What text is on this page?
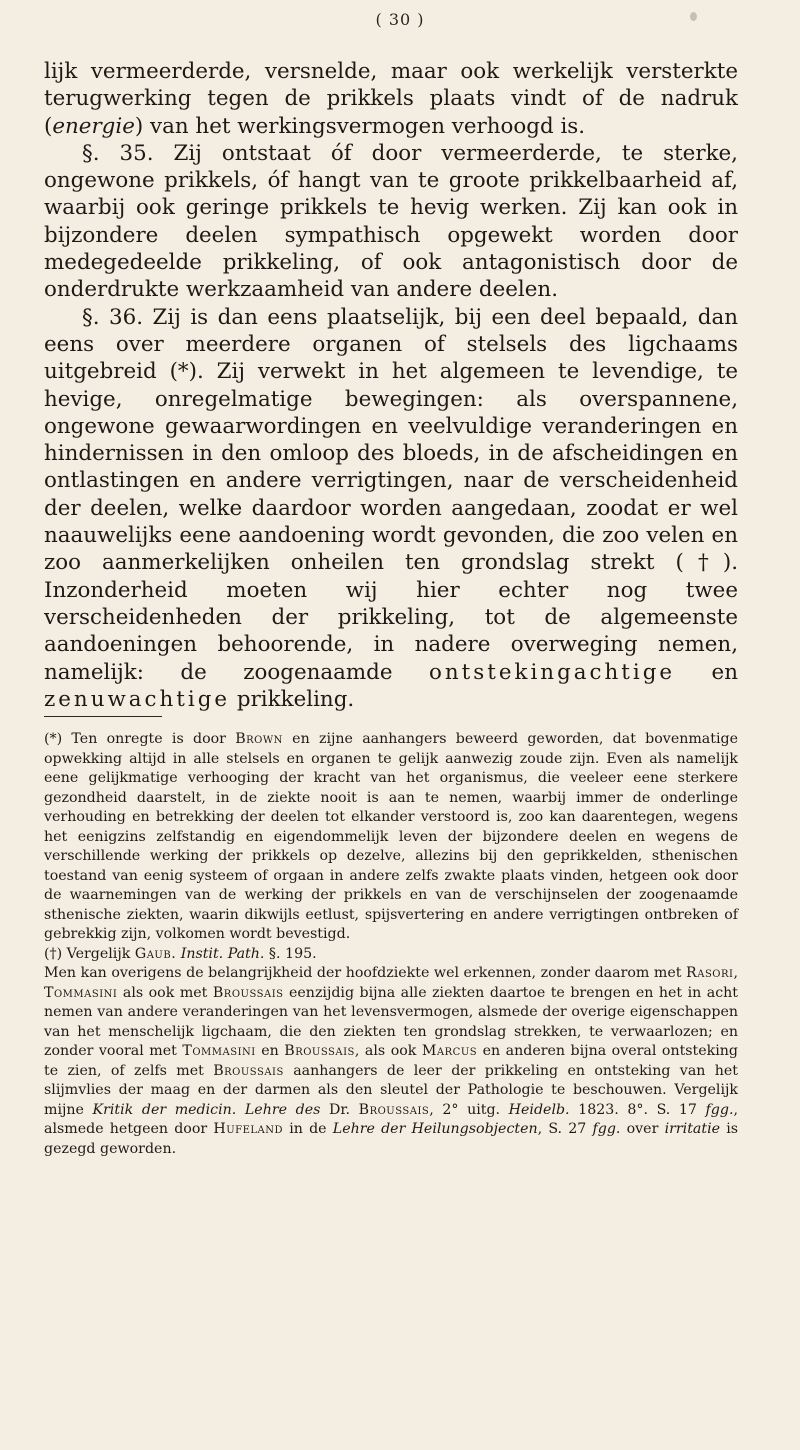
( 30 )

lijk vermeerderde, versnelde, maar ook werkelijk versterkte terugwerking tegen de prikkels plaats vindt of de nadruk (energie) van het werkingsvermogen verhoogd is.

§. 35. Zij ontstaat óf door vermeerderde, te sterke, ongewone prikkels, óf hangt van te groote prikkelbaarheid af, waarbij ook geringe prikkels te hevig werken. Zij kan ook in bijzondere deelen sympathisch opgewekt worden door medegedeelde prikkeling, of ook antagonistisch door de onderdrukte werkzaamheid van andere deelen.

§. 36. Zij is dan eens plaatselijk, bij een deel bepaald, dan eens over meerdere organen of stelsels des ligchaams uitgebreid (*). Zij verwekt in het algemeen te levendige, te hevige, onregelmatige bewegingen: als overspannene, ongewone gewaarwordingen en veelvuldige veranderingen en hindernissen in den omloop des bloeds, in de afscheidingen en ontlastingen en andere verrigtingen, naar de verscheidenheid der deelen, welke daardoor worden aangedaan, zoodat er wel naauwelijks eene aandoening wordt gevonden, die zoo velen en zoo aanmerkelijken onheilen ten grondslag strekt (†). Inzonderheid moeten wij hier echter nog twee verscheidenheden der prikkeling, tot de algemeenste aandoeningen behoorende, in nadere overweging nemen, namelijk: de zoogenaamde ontstekingachtige en zenuwachtige prikkeling.

(*) Ten onregte is door Brown en zijne aanhangers beweerd geworden, dat bovenmatige opwekking altijd in alle stelsels en organen te gelijk aanwezig zoude zijn. Even als namelijk eene gelijkmatige verhooging der kracht van het organismus, die veeleer eene sterkere gezondheid daarstelt, in de ziekte nooit is aan te nemen, waarbij immer de onderlinge verhouding en betrekking der deelen tot elkander verstoord is, zoo kan daarentegen, wegens het eenigzins zelfstandig en eigendommelijk leven der bijzondere deelen en wegens de verschillende werking der prikkels op dezelve, allezins bij den geprikkelden, sthenischen toestand van eenig systeem of orgaan in andere zelfs zwakte plaats vinden, hetgeen ook door de waarnemingen van de werking der prikkels en van de verschijnselen der zoogenaamde sthenische ziekten, waarin dikwijls eetlust, spijsvertering en andere verrigtingen ontbreken of gebrekkig zijn, volkomen wordt bevestigd.

(†) Vergelijk Gaub. Instit. Path. §. 195.

Men kan overigens de belangrijkheid der hoofdziekte wel erkennen, zonder daarom met Rasori, Tommasini als ook met Broussais eenzijdig bijna alle ziekten daartoe te brengen en het in acht nemen van andere veranderingen van het levensvermogen, alsmede der overige eigenschappen van het menschelijk ligchaam, die den ziekten ten grondslag strekken, te verwaarlozen; en zonder vooral met Tommasini en Broussais, als ook Marcus en anderen bijna overal ontsteking te zien, of zelfs met Broussais aanhangers de leer der prikkeling en ontsteking van het slijmvlies der maag en der darmen als den sleutel der Pathologie te beschouwen. Vergelijk mijne Kritik der medicin. Lehre des Dr. Broussais, 2° uitg. Heidelb. 1823. 8°. S. 17 fgg., alsmede hetgeen door Hufeland in de Lehre der Heilungsobjecten, S. 27 fgg. over irritatie is gezegd geworden.
